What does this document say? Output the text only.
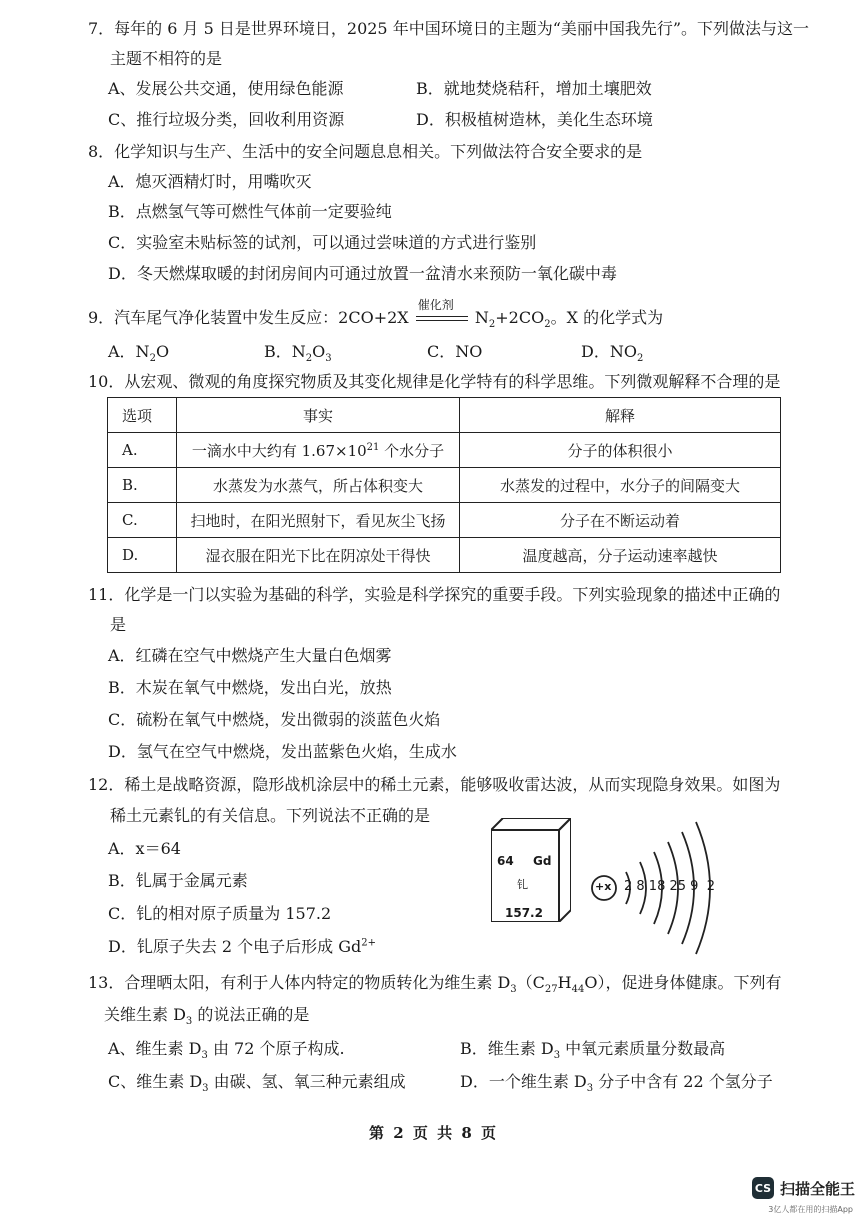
7．每年的 6 月 5 日是世界环境日，2025 年中国环境日的主题为“美丽中国我先行”。下列做法与这一
主题不相符的是
A、发展公共交通，使用绿色能源	B．就地焚烧秸秆，增加土壤肥效
C、推行垃圾分类，回收利用资源	D．积极植树造林，美化生态环境
8．化学知识与生产、生活中的安全问题息息相关。下列做法符合安全要求的是
A．熄灭酒精灯时，用嘴吹灭
B．点燃氢气等可燃性气体前一定要验纯
C．实验室未贴标签的试剂，可以通过尝味道的方式进行鉴别
D．冬天燃煤取暖的封闭房间内可通过放置一盆清水来预防一氧化碳中毒
9．汽车尾气净化装置中发生反应：2CO+2X
催化剂
$N_2+2CO_2$。X 的化学式为
A．$N_2O$	B．$N_2O_3$	C．NO	D．$NO_2$
10．从宏观、微观的角度探究物质及其变化规律是化学特有的科学思维。下列微观解释不合理的是
选项	事实	解释
A.	一滴水中大约有 $1.67\times 10^{21}$ 个水分子	分子的体积很小
B.	水蒸发为水蒸气，所占体积变大	水蒸发的过程中，水分子的间隔变大
C.	扫地时，在阳光照射下，看见灰尘飞扬	分子在不断运动着
D.	湿衣服在阳光下比在阴凉处干得快	温度越高，分子运动速率越快
11．化学是一门以实验为基础的科学，实验是科学探究的重要手段。下列实验现象的描述中正确的
是
A．红磷在空气中燃烧产生大量白色烟雾
B．木炭在氧气中燃烧，发出白光，放热
C．硫粉在氧气中燃烧，发出微弱的淡蓝色火焰
D．氢气在空气中燃烧，发出蓝紫色火焰，生成水
12．稀土是战略资源，隐形战机涂层中的稀土元素，能够吸收雷达波，从而实现隐身效果。如图为
稀土元素钆的有关信息。下列说法不正确的是
A．x＝64
B．钆属于金属元素
C．钆的相对原子质量为 157.2
D．钆原子失去 2 个电子后形成 $Gd^{2+}$
64 Gd
钆
157.2
+x 2 8 18 25 9  2
13．合理晒太阳，有利于人体内特定的物质转化为维生素 $D_3(C_{27}H_{44}O)$，促进身体健康。下列有
关维生素 $D_3$ 的说法正确的是
A、维生素 $D_3$ 由 72 个原子构成.	B．维生素 $D_3$ 中氧元素质量分数最高
C、维生素 $D_3$ 由碳、氢、氧三种元素组成	D．一个维生素 $D_3$ 分子中含有 22 个氢分子
第 2 页 共 8 页
CS 扫描全能王
3亿人都在用的扫描App
